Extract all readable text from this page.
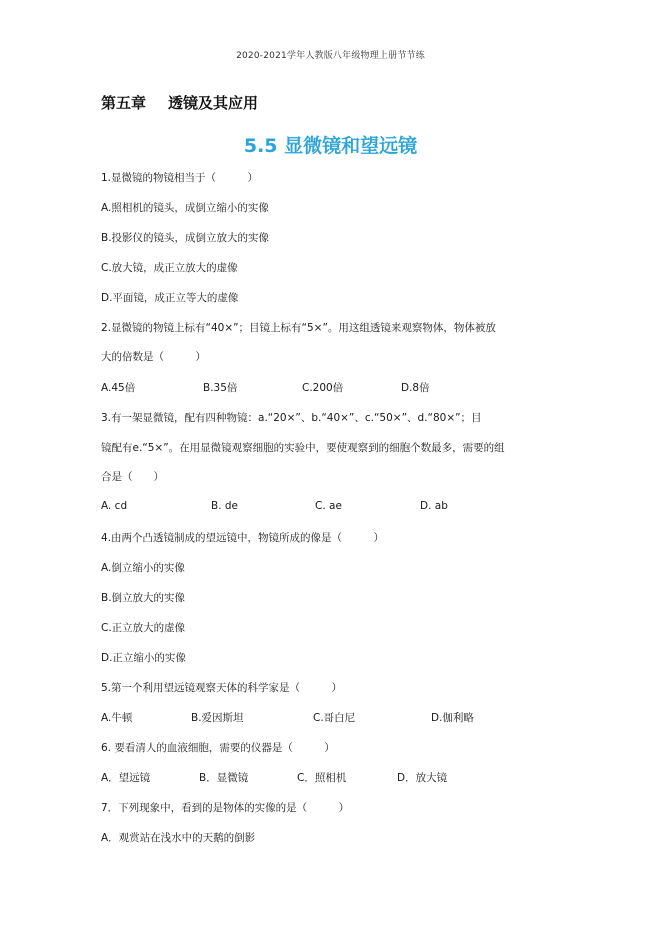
2020-2021学年人教版八年级物理上册节节练
第五章 透镜及其应用
5.5 显微镜和望远镜
1.显微镜的物镜相当于（　　　）
A.照相机的镜头，成倒立缩小的实像
B.投影仪的镜头，成倒立放大的实像
C.放大镜，成正立放大的虚像
D.平面镜，成正立等大的虚像
2.显微镜的物镜上标有“40×”；目镜上标有“5×”。用这组透镜来观察物体，物体被放
大的倍数是（　　　）
A.45倍	B.35倍	C.200倍	D.8倍
3.有一架显微镜，配有四种物镜：a.“20×”、b.“40×”、c.“50×”、d.“80×”；目
镜配有e.“5×”。在用显微镜观察细胞的实验中，要使观察到的细胞个数最多，需要的组
合是（　　）
A. cd	B. de	C. ae	D. ab
4.由两个凸透镜制成的望远镜中，物镜所成的像是（　　　）
A.倒立缩小的实像
B.倒立放大的实像
C.正立放大的虚像
D.正立缩小的实像
5.第一个利用望远镜观察天体的科学家是（　　　）
A.牛顿	B.爱因斯坦	C.哥白尼	D.伽利略
6. 要看清人的血液细胞，需要的仪器是（　　　）
A．望远镜	B．显微镜	C．照相机	D．放大镜
7．下列现象中，看到的是物体的实像的是（　　　）
A．观赏站在浅水中的天鹅的倒影
